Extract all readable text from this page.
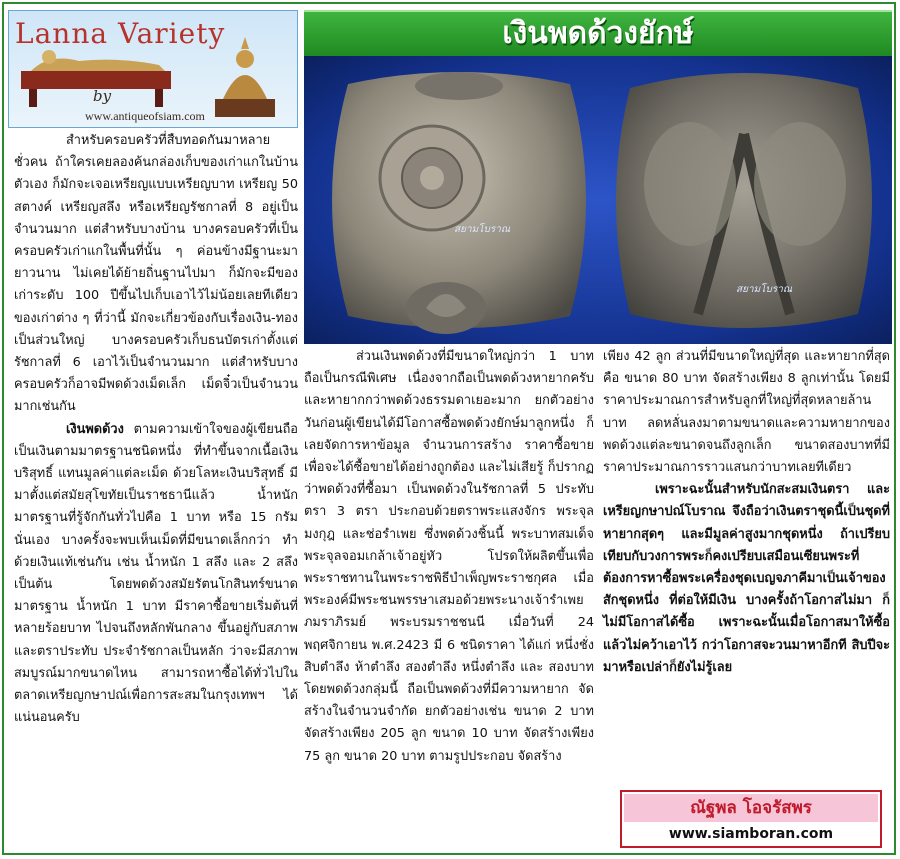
Lanna Variety
by
www.antiqueofsiam.com
เงินพดด้วงยักษ์
สยามโบราณ
สยามโบราณ

สำหรับครอบครัวที่สืบทอดกันมาหลายชั่วคน ถ้าใครเคยลองค้นกล่องเก็บของเก่าแกในบ้านตัวเอง ก็มักจะเจอเหรียญแบบเหรียญบาท เหรียญ 50 สตางค์ เหรียญสลึง หรือเหรียญรัชกาลที่ 8 อยู่เป็นจำนวนมาก แต่สำหรับบางบ้าน บางครอบครัวที่เป็นครอบครัวเก่าแกในพื้นที่นั้น ๆ ค่อนข้างมีฐานะมายาวนาน ไม่เคยได้ย้ายถิ่นฐานไปมา ก็มักจะมีของเก่าระดับ 100 ปีขึ้นไปเก็บเอาไว้ไม่น้อยเลยทีเดียว ของเก่าต่าง ๆ ที่ว่านี้ มักจะเกี่ยวข้องกับเรื่องเงิน-ทองเป็นส่วนใหญ่ บางครอบครัวเก็บธนบัตรเก่าตั้งแต่รัชกาลที่ 6 เอาไว้เป็นจำนวนมาก แต่สำหรับบางครอบครัวก็อาจมีพดด้วงเม็ดเล็ก เม็ดจิ๋วเป็นจำนวนมากเช่นกัน

เงินพดด้วง ตามความเข้าใจของผู้เขียนถือเป็นเงินตามมาตรฐานชนิดหนึ่ง ที่ทำขึ้นจากเนื้อเงินบริสุทธิ์ แทนมูลค่าแต่ละเม็ด ด้วยโลหะเงินบริสุทธิ์ มีมาตั้งแต่สมัยสุโขทัยเป็นราชธานีแล้ว น้ำหนักมาตรฐานที่รู้จักกันทั่วไปคือ 1 บาท หรือ 15 กรัมนั่นเอง บางครั้งจะพบเห็นเม็ดที่มีขนาดเล็กกว่า ทำด้วยเงินแท้เช่นกัน เช่น น้ำหนัก 1 สลึง และ 2 สลึง เป็นต้น โดยพดด้วงสมัยรัตนโกสินทร์ขนาดมาตรฐาน น้ำหนัก 1 บาท มีราคาซื้อขายเริ่มต้นที่หลายร้อยบาท ไปจนถึงหลักพันกลาง ขึ้นอยู่กับสภาพและตราประทับ ประจำรัชกาลเป็นหลัก ว่าจะมีสภาพสมบูรณ์มากขนาดไหน สามารถหาซื้อได้ทั่วไปในตลาดเหรียญกษาปณ์เพื่อการสะสมในกรุงเทพฯ ได้แน่นอนครับ

ส่วนเงินพดด้วงที่มีขนาดใหญ่กว่า 1 บาท ถือเป็นกรณีพิเศษ เนื่องจากถือเป็นพดด้วงหายากครับ และหายากกว่าพดด้วงธรรมดาเยอะมาก ยกตัวอย่าง วันก่อนผู้เขียนได้มีโอกาสซื้อพดด้วงยักษ์มาลูกหนึ่ง ก็เลยจัดการหาข้อมูล จำนวนการสร้าง ราคาซื้อขาย เพื่อจะได้ซื้อขายได้อย่างถูกต้อง และไม่เสียรู้ ก็ปรากฏว่าพดด้วงที่ซื้อมา เป็นพดด้วงในรัชกาลที่ 5 ประทับตรา 3 ตรา ประกอบด้วยตราพระแสงจักร พระจุลมงกุฎ และช่อรำเพย ซึ่งพดด้วงชิ้นนี้ พระบาทสมเด็จพระจุลจอมเกล้าเจ้าอยู่หัว โปรดให้ผลิตขึ้นเพื่อพระราชทานในพระราชพิธีบำเพ็ญพระราชกุศล เมื่อพระองค์มีพระชนพรรษาเสมอด้วยพระนางเจ้ารำเพยภมราภิรมย์ พระบรมราชชนนี เมื่อวันที่ 24 พฤศจิกายน พ.ศ.2423 มี 6 ชนิดราคา ได้แก่ หนึ่งชั่ง สิบตำลึง ห้าตำลึง สองตำลึง หนึ่งตำลึง และ สองบาท โดยพดด้วงกลุ่มนี้ ถือเป็นพดด้วงที่มีความหายาก จัดสร้างในจำนวนจำกัด ยกตัวอย่างเช่น ขนาด 2 บาท จัดสร้างเพียง 205 ลูก ขนาด 10 บาท จัดสร้างเพียง 75 ลูก ขนาด 20 บาท ตามรูปประกอบ จัดสร้าง

เพียง 42 ลูก ส่วนที่มีขนาดใหญ่ที่สุด และหายากที่สุด คือ ขนาด 80 บาท จัดสร้างเพียง 8 ลูกเท่านั้น โดยมีราคาประมาณการสำหรับลูกที่ใหญ่ที่สุดหลายล้านบาท ลดหลั่นลงมาตามขนาดและความหายากของพดด้วงแต่ละขนาดจนถึงลูกเล็ก ขนาดสองบาทที่มีราคาประมาณการราวแสนกว่าบาทเลยทีเดียว

เพราะฉะนั้นสำหรับนักสะสมเงินตรา และเหรียญกษาปณ์โบราณ จึงถือว่าเงินตราชุดนี้เป็นชุดที่หายากสุดๆ และมีมูลค่าสูงมากชุดหนึ่ง ถ้าเปรียบเทียบกับวงการพระก็คงเปรียบเสมือนเซียนพระที่ต้องการหาซื้อพระเครื่องชุดเบญจภาคีมาเป็นเจ้าของสักชุดหนึ่ง ที่ต่อให้มีเงิน บางครั้งถ้าโอกาสไม่มา ก็ไม่มีโอกาสได้ซื้อ เพราะฉะนั้นเมื่อโอกาสมาให้ซื้อแล้วไม่คว้าเอาไว้ กว่าโอกาสจะวนมาหาอีกที สิบปีจะมาหรือเปล่าก็ยังไม่รู้เลย

ณัฐพล โอจรัสพร
www.siamboran.com
